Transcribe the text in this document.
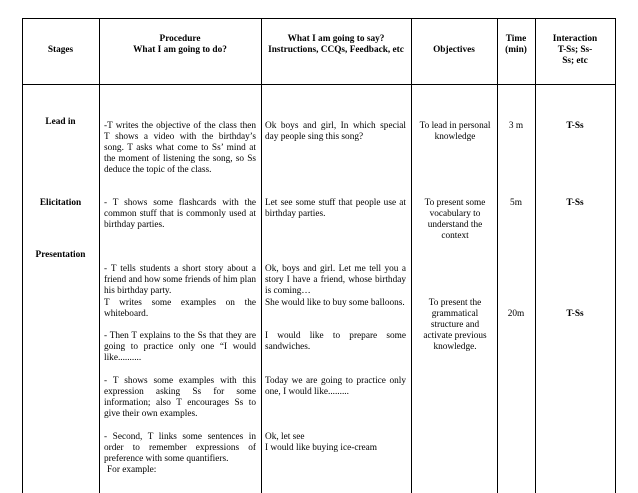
Stages
Procedure
What I am going to do?
What I am going to say?
Instructions, CCQs, Feedback, etc	Objectives
Time
(min)
Interaction
T-Ss; Ss-
Ss; etc
Lead in
Elicitation
Presentation
-T writes the objective of the class then T shows a video with the birthday’s song. T asks what come to Ss’ mind at the moment of listening the song, so Ss deduce the topic of the class.
- T shows some flashcards with the common stuff that is commonly used at birthday parties.
- T tells students a short story about a friend and how some friends of him plan his birthday party.
T writes some examples on the whiteboard.
- Then T explains to the Ss that they are going to practice only one “I would like..........
- T shows some examples with this expression asking Ss for some information; also T encourages Ss to give their own examples.
- Second, T links some sentences in order to remember expressions of preference with some quantifiers.
For example:
Ok boys and girl, In which special day people sing this song?
Let see some stuff that people use at birthday parties.
Ok, boys and girl. Let me tell you a story I have a friend, whose birthday is coming…
She would like to buy some balloons.
I would like to prepare some sandwiches.
Today we are going to practice only one, I would like.........
Ok, let see
I would like buying ice-cream
To lead in personal knowledge
To present some vocabulary to understand the context
To present the grammatical structure and activate previous knowledge.
3 m
5m
20m
T-Ss
T-Ss
T-Ss
